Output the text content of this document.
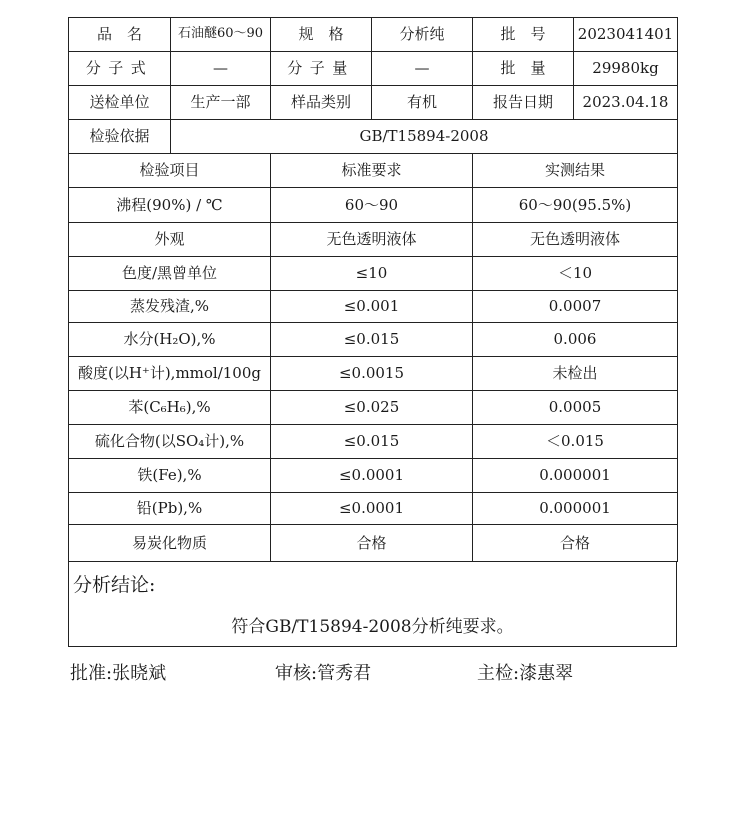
品　名	石油醚60～90	规　格	分析纯	批　号	2023041401
分子式	—	分子量	—	批　量	29980kg
送检单位	生产一部	样品类别	有机	报告日期	2023.04.18
检验依据	GB/T15894-2008				
检验项目		标准要求		实测结果	
沸程(90%) / ℃		60～90		60～90(95.5%)	
外观		无色透明液体		无色透明液体	
色度/黑曾单位		≤10		＜10	
蒸发残渣,%		≤0.001		0.0007	
水分(H₂O),%		≤0.015		0.006	
酸度(以H⁺计),mmol/100g		≤0.0015		未检出	
苯(C₆H₆),%		≤0.025		0.0005	
硫化合物(以SO₄计),%		≤0.015		＜0.015	
铁(Fe),%		≤0.0001		0.000001	
铅(Pb),%		≤0.0001		0.000001	
易炭化物质		合格		合格	
分析结论:
符合GB/T15894-2008分析纯要求。
批准:张晓斌	审核:管秀君	主检:漆惠翠
